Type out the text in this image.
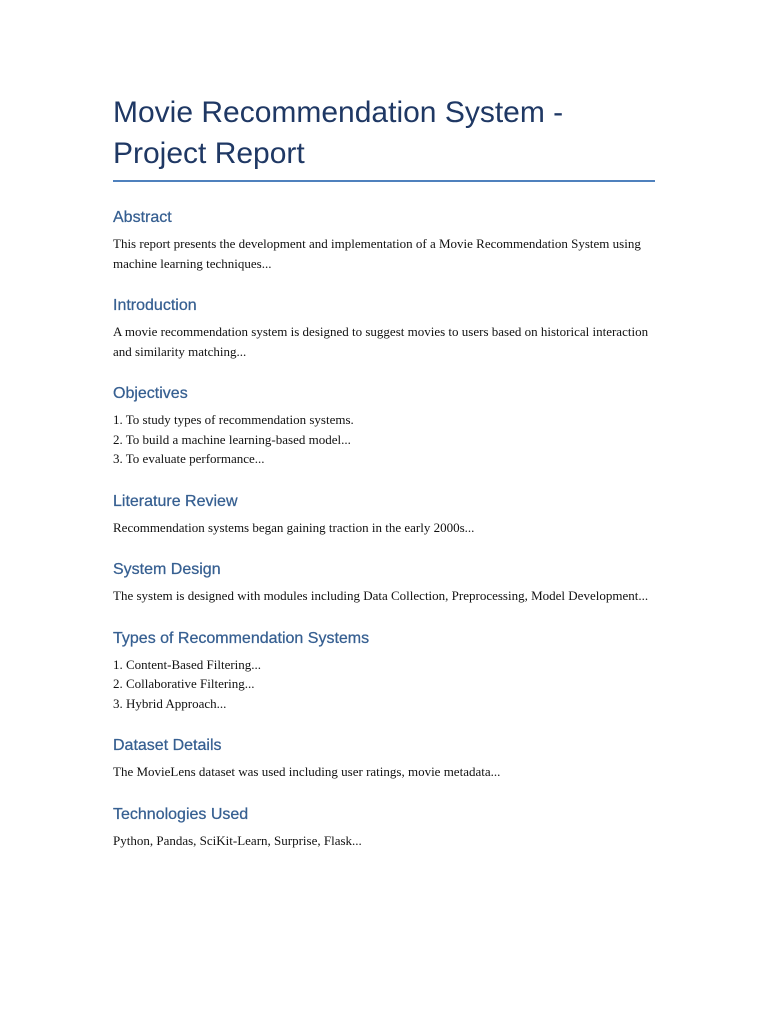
Movie Recommendation System -
Project Report
Abstract

This report presents the development and implementation of a Movie Recommendation System using machine learning techniques...

Introduction

A movie recommendation system is designed to suggest movies to users based on historical interaction and similarity matching...

Objectives

1. To study types of recommendation systems.
2. To build a machine learning-based model...
3. To evaluate performance...

Literature Review

Recommendation systems began gaining traction in the early 2000s...

System Design

The system is designed with modules including Data Collection, Preprocessing, Model Development...

Types of Recommendation Systems

1. Content-Based Filtering...
2. Collaborative Filtering...
3. Hybrid Approach...

Dataset Details

The MovieLens dataset was used including user ratings, movie metadata...

Technologies Used

Python, Pandas, SciKit-Learn, Surprise, Flask...
